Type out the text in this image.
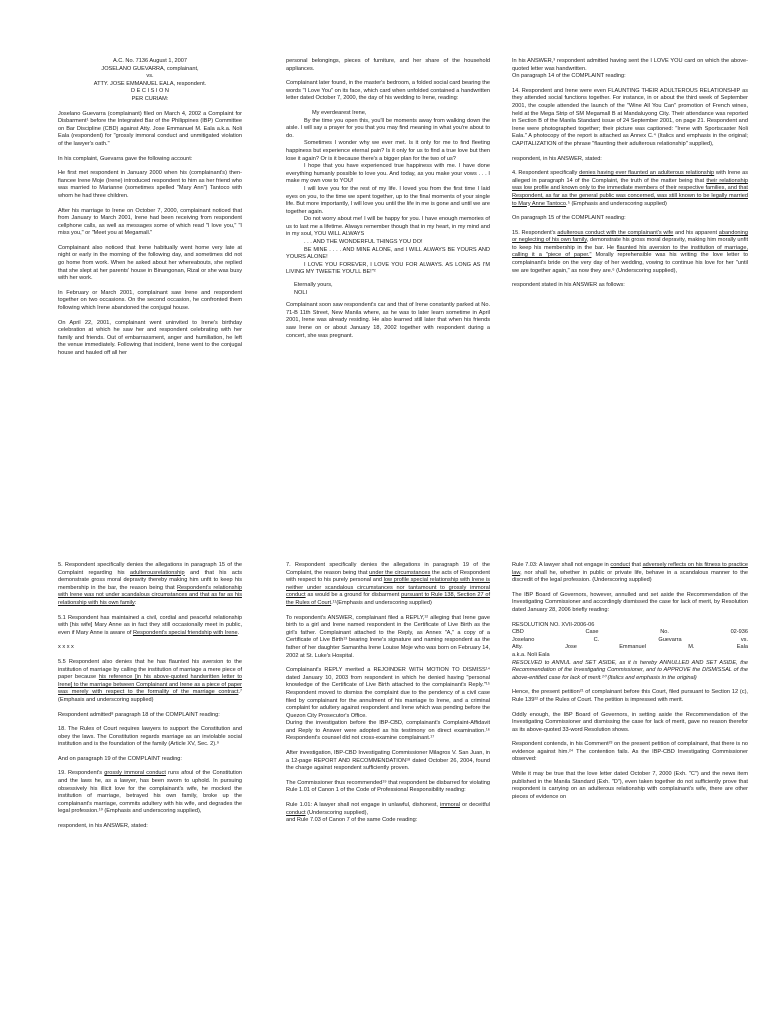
A.C. No. 7136 August 1, 2007

JOSELANO GUEVARRA, complainant,

vs.

ATTY. JOSE EMMANUEL EALA, respondent.

D E C I S I O N

PER CURIAM:

Joselano Guevarra (complainant) filed on March 4, 2002 a Complaint for Disbarment¹ before the Integrated Bar of the Philippines (IBP) Committee on Bar Discipline (CBD) against Atty. Jose Emmanuel M. Eala a.k.a. Noli Eala (respondent) for "grossly immoral conduct and unmitigated violation of the lawyer's oath."

In his complaint, Guevarra gave the following account:

He first met respondent in January 2000 when his (complainant's) then-fiancee Irene Moje (Irene) introduced respondent to him as her friend who was married to Marianne (sometimes spelled "Mary Ann") Tantoco with whom he had three children.

After his marriage to Irene on October 7, 2000, complainant noticed that from January to March 2001, Irene had been receiving from respondent cellphone calls, as well as messages some of which read "I love you," "I miss you," or "Meet you at Megamall."

Complainant also noticed that Irene habitually went home very late at night or early in the morning of the following day, and sometimes did not go home from work. When he asked about her whereabouts, she replied that she slept at her parents' house in Binangonan, Rizal or she was busy with her work.

In February or March 2001, complainant saw Irene and respondent together on two occasions. On the second occasion, he confronted them following which Irene abandoned the conjugal house.

On April 22, 2001, complainant went uninvited to Irene's birthday celebration at which he saw her and respondent celebrating with her family and friends. Out of embarrassment, anger and humiliation, he left the venue immediately. Following that incident, Irene went to the conjugal house and hauled off all her

personal belongings, pieces of furniture, and her share of the household appliances.

Complainant later found, in the master's bedroom, a folded social card bearing the words "I Love You" on its face, which card when unfolded contained a handwritten letter dated October 7, 2000, the day of his wedding to Irene, reading:

My everdearest Irene,

By the time you open this, you'll be moments away from walking down the aisle. I will say a prayer for you that you may find meaning in what you're about to do.

Sometimes I wonder why we ever met. Is it only for me to find fleeting happiness but experience eternal pain? Is it only for us to find a true love but then lose it again? Or is it because there's a bigger plan for the two of us?

I hope that you have experienced true happiness with me. I have done everything humanly possible to love you. And today, as you make your vows . . . I make my own vow to YOU!

I will love you for the rest of my life. I loved you from the first time I laid eyes on you, to the time we spent together, up to the final moments of your single life. But more importantly, I will love you until the life in me is gone and until we are together again.

Do not worry about me! I will be happy for you. I have enough memories of us to last me a lifetime. Always remember though that in my heart, in my mind and in my soul, YOU WILL ALWAYS

. . . AND THE WONDERFUL THINGS YOU DO!

BE MINE . . . . AND MINE ALONE, and I WILL ALWAYS BE YOURS AND YOURS ALONE!

I LOVE YOU FOREVER, I LOVE YOU FOR ALWAYS. AS LONG AS I'M LIVING MY TWEETIE YOU'LL BE!"²

Eternally yours,

NOLI

Complainant soon saw respondent's car and that of Irene constantly parked at No. 71-B 11th Street, New Manila where, as he was to later learn sometime in April 2001, Irene was already residing. He also learned still later that when his friends saw Irene on or about January 18, 2002 together with respondent during a concert, she was pregnant.

In his ANSWER,³ respondent admitted having sent the I LOVE YOU card on which the above-quoted letter was handwritten.

On paragraph 14 of the COMPLAINT reading:

14. Respondent and Irene were even FLAUNTING THEIR ADULTEROUS RELATIONSHIP as they attended social functions together. For instance, in or about the third week of September 2001, the couple attended the launch of the "Wine All You Can" promotion of French wines, held at the Mega Strip of SM Megamall B at Mandaluyong City. Their attendance was reported in Section B of the Manila Standard issue of 24 September 2001, on page 21. Respondent and Irene were photographed together; their picture was captioned: "Irene with Sportscaster Noli Eala." A photocopy of the report is attached as Annex C.⁴ (Italics and emphasis in the original; CAPITALIZATION of the phrase "flaunting their adulterous relationship" supplied),

respondent, in his ANSWER, stated:

4. Respondent specifically denies having ever flaunted an adulterous relationship with Irene as alleged in paragraph 14 of the Complaint, the truth of the matter being that their relationship was low profile and known only to the immediate members of their respective families, and that Respondent, as far as the general public was concerned, was still known to be legally married to Mary Anne Tantoco.⁵ (Emphasis and underscoring supplied)

On paragraph 15 of the COMPLAINT reading:

15. Respondent's adulterous conduct with the complainant's wife and his apparent abandoning or neglecting of his own family, demonstrate his gross moral depravity, making him morally unfit to keep his membership in the bar. He flaunted his aversion to the institution of marriage, calling it a "piece of paper." Morally reprehensible was his writing the love letter to complainant's bride on the very day of her wedding, vowing to continue his love for her "until we are together again," as now they are.⁶ (Underscoring supplied),

respondent stated in his ANSWER as follows:

5. Respondent specifically denies the allegations in paragraph 15 of the Complaint regarding his adulterousrelationship and that his acts demonstrate gross moral depravity thereby making him unfit to keep his membership in the bar, the reason being that Respondent's relationship with Irene was not under scandalous circumstances and that as far as his relationship with his own family:

5.1 Respondent has maintained a civil, cordial and peaceful relationship with [his wife] Mary Anne as in fact they still occasionally meet in public, even if Mary Anne is aware of Respondent's special friendship with Irene.

x x x x

5.5 Respondent also denies that he has flaunted his aversion to the institution of marriage by calling the institution of marriage a mere piece of paper because his reference [in his above-quoted handwritten letter to Irene] to the marriage between Complainant and Irene as a piece of paper was merely with respect to the formality of the marriage contract.⁷ (Emphasis and underscoring supplied)

Respondent admitted⁸ paragraph 18 of the COMPLAINT reading:

18. The Rules of Court requires lawyers to support the Constitution and obey the laws. The Constitution regards marriage as an inviolable social institution and is the foundation of the family (Article XV, Sec. 2).⁹

And on paragraph 19 of the COMPLAINT reading:

19. Respondent's grossly immoral conduct runs afoul of the Constitution and the laws he, as a lawyer, has been sworn to uphold. In pursuing obsessively his illicit love for the complainant's wife, he mocked the institution of marriage, betrayed his own family, broke up the complainant's marriage, commits adultery with his wife, and degrades the legal profession.¹⁰ (Emphasis and underscoring supplied),

respondent, in his ANSWER, stated:

7. Respondent specifically denies the allegations in paragraph 19 of the Complaint, the reason being that under the circumstances the acts of Respondent with respect to his purely personal and low profile special relationship with Irene is neither under scandalous circumstances nor tantamount to grossly immoral conduct as would be a ground for disbarment pursuant to Rule 138, Section 27 of the Rules of Court.¹¹(Emphasis and underscoring supplied)

To respondent's ANSWER, complainant filed a REPLY,¹² alleging that Irene gave birth to a girl and Irene named respondent in the Certificate of Live Birth as the girl's father. Complainant attached to the Reply, as Annex "A," a copy of a Certificate of Live Birth¹³ bearing Irene's signature and naming respondent as the father of her daughter Samantha Irene Louise Moje who was born on February 14, 2002 at St. Luke's Hospital.

Complainant's REPLY merited a REJOINDER WITH MOTION TO DISMISS¹⁴ dated January 10, 2003 from respondent in which he denied having "personal knowledge of the Certificate of Live Birth attached to the complainant's Reply."¹⁵ Respondent moved to dismiss the complaint due to the pendency of a civil case filed by complainant for the annulment of his marriage to Irene, and a criminal complaint for adultery against respondent and Irene which was pending before the Quezon City Prosecutor's Office.

During the investigation before the IBP-CBD, complainant's Complaint-Affidavit and Reply to Answer were adopted as his testimony on direct examination.¹⁶ Respondent's counsel did not cross-examine complainant.¹⁷

After investigation, IBP-CBD Investigating Commissioner Milagros V. San Juan, in a 12-page REPORT AND RECOMMENDATION¹⁸ dated October 26, 2004, found the charge against respondent sufficiently proven.

The Commissioner thus recommended¹⁹ that respondent be disbarred for violating Rule 1.01 of Canon 1 of the Code of Professional Responsibility reading:

Rule 1.01: A lawyer shall not engage in unlawful, dishonest, immoral or deceitful conduct (Underscoring supplied),

and Rule 7.03 of Canon 7 of the same Code reading:

Rule 7.03: A lawyer shall not engage in conduct that adversely reflects on his fitness to practice law, nor shall he, whether in public or private life, behave in a scandalous manner to the discredit of the legal profession. (Underscoring supplied)

The IBP Board of Governors, however, annulled and set aside the Recommendation of the Investigating Commissioner and accordingly dismissed the case for lack of merit, by Resolution dated January 28, 2006 briefly reading:

RESOLUTION NO. XVII-2006-06

CBD	Case	No.	02-936
Joselano	C.	Guevarra	vs.
Atty.	Jose	Emmanuel	M.	Eala

a.k.a. Noli Eala

RESOLVED to ANNUL and SET ASIDE, as it is hereby ANNULLED AND SET ASIDE, the Recommendation of the Investigating Commissioner, and to APPROVE the DISMISSAL of the above-entitled case for lack of merit.²⁰ (Italics and emphasis in the original)

Hence, the present petition²¹ of complainant before this Court, filed pursuant to Section 12 (c), Rule 139²² of the Rules of Court. The petition is impressed with merit.

Oddly enough, the IBP Board of Governors, in setting aside the Recommendation of the Investigating Commissioner and dismissing the case for lack of merit, gave no reason therefor as its above-quoted 33-word Resolution shows.

Respondent contends, in his Comment²³ on the present petition of complainant, that there is no evidence against him.²⁴ The contention fails. As the IBP-CBD Investigating Commissioner observed:

While it may be true that the love letter dated October 7, 2000 (Exh. "C") and the news item published in the Manila Standard (Exh. "D"), even taken together do not sufficiently prove that respondent is carrying on an adulterous relationship with complainant's wife, there are other pieces of evidence on
